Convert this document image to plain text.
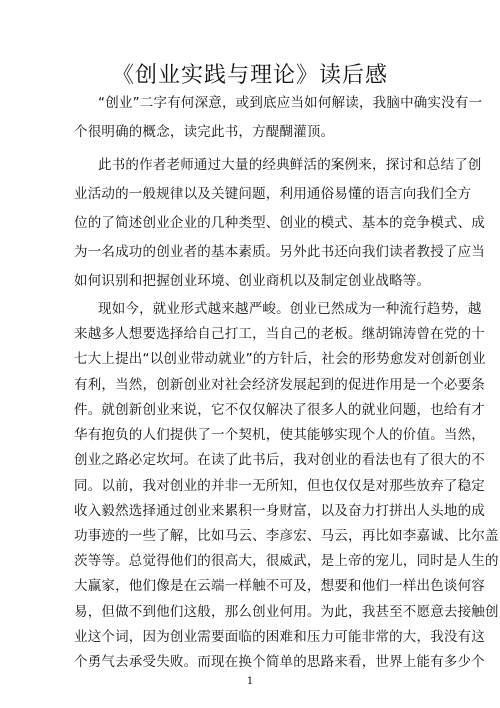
《创业实践与理论》读后感
“创业”二字有何深意，或到底应当如何解读，我脑中确实没有一
个很明确的概念，读完此书，方醍醐灌顶。
此书的作者老师通过大量的经典鲜活的案例来，探讨和总结了创
业活动的一般规律以及关键问题，利用通俗易懂的语言向我们全方
位的了简述创业企业的几种类型、创业的模式、基本的竞争模式、成
为一名成功的创业者的基本素质。另外此书还向我们读者教授了应当
如何识别和把握创业环境、创业商机以及制定创业战略等。
现如今，就业形式越来越严峻。创业已然成为一种流行趋势，越
来越多人想要选择给自己打工，当自己的老板。继胡锦涛曾在党的十
七大上提出“以创业带动就业”的方针后，社会的形势愈发对创新创业
有利，当然，创新创业对社会经济发展起到的促进作用是一个必要条
件。就创新创业来说，它不仅仅解决了很多人的就业问题，也给有才
华有抱负的人们提供了一个契机，使其能够实现个人的价值。当然，
创业之路必定坎坷。在读了此书后，我对创业的看法也有了很大的不
同。以前，我对创业的并非一无所知，但也仅仅是对那些放弃了稳定
收入毅然选择通过创业来累积一身财富，以及奋力打拼出人头地的成
功事迹的一些了解，比如马云、李彦宏、马云，再比如李嘉诚、比尔盖
茨等等。总觉得他们的很高大，很威武，是上帝的宠儿，同时是人生的
大赢家，他们像是在云端一样触不可及，想要和他们一样出色谈何容
易，但做不到他们这般，那么创业何用。为此，我甚至不愿意去接触创
业这个词，因为创业需要面临的困难和压力可能非常的大，我没有这
个勇气去承受失败。而现在换个简单的思路来看，世界上能有多少个
1
